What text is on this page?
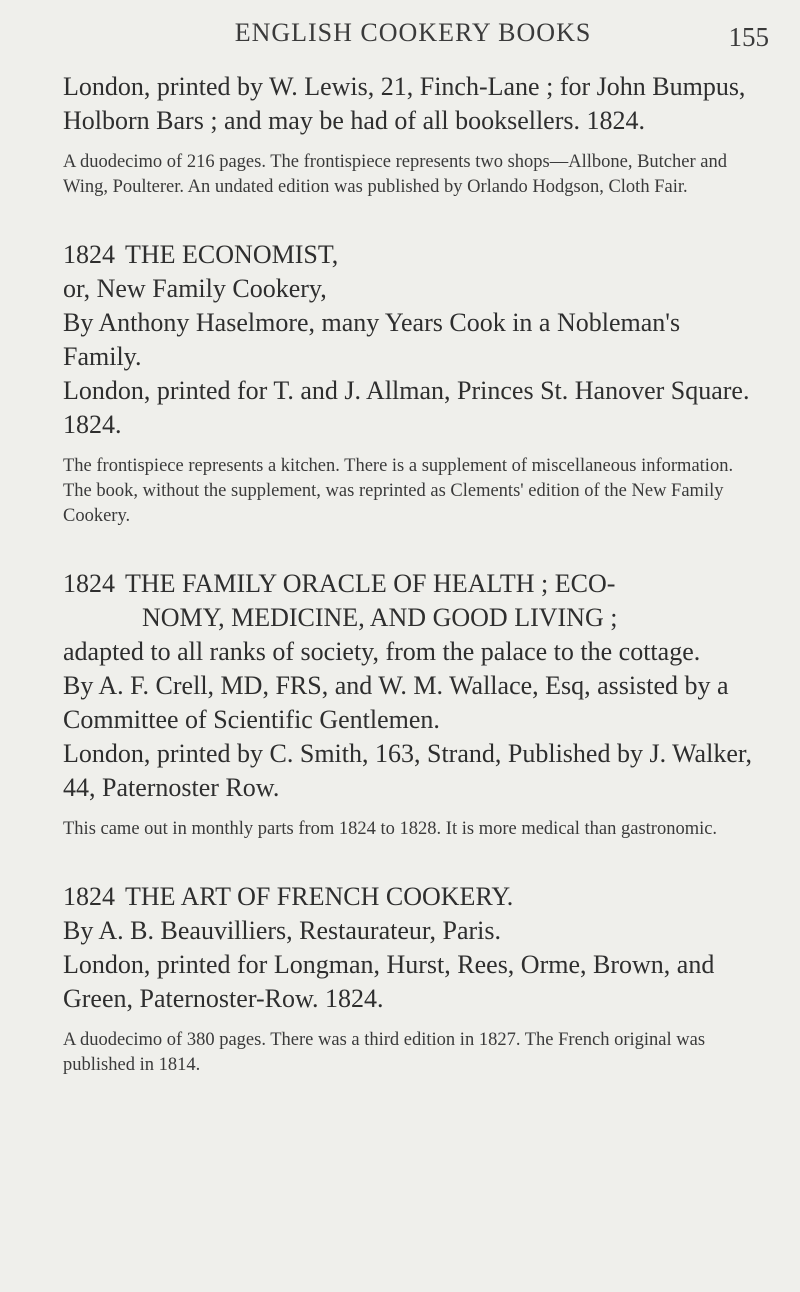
ENGLISH COOKERY BOOKS	155

London, printed by W. Lewis, 21, Finch-Lane ; for John Bumpus, Holborn Bars ; and may be had of all booksellers. 1824.

A duodecimo of 216 pages. The frontispiece represents two shops—Allbone, Butcher and Wing, Poulterer. An undated edition was published by Orlando Hodgson, Cloth Fair.

1824 THE ECONOMIST,

or, New Family Cookery,

By Anthony Haselmore, many Years Cook in a Nobleman's Family.

London, printed for T. and J. Allman, Princes St. Hanover Square. 1824.

The frontispiece represents a kitchen. There is a supplement of miscellaneous information. The book, without the supplement, was reprinted as Clements' edition of the New Family Cookery.

1824 THE FAMILY ORACLE OF HEALTH ; ECO-

NOMY, MEDICINE, AND GOOD LIVING ;

adapted to all ranks of society, from the palace to the cottage.

By A. F. Crell, MD, FRS, and W. M. Wallace, Esq, assisted by a Committee of Scientific Gentlemen.

London, printed by C. Smith, 163, Strand, Published by J. Walker, 44, Paternoster Row.

This came out in monthly parts from 1824 to 1828. It is more medical than gastronomic.

1824 THE ART OF FRENCH COOKERY.

By A. B. Beauvilliers, Restaurateur, Paris.

London, printed for Longman, Hurst, Rees, Orme, Brown, and Green, Paternoster-Row. 1824.

A duodecimo of 380 pages. There was a third edition in 1827. The French original was published in 1814.
